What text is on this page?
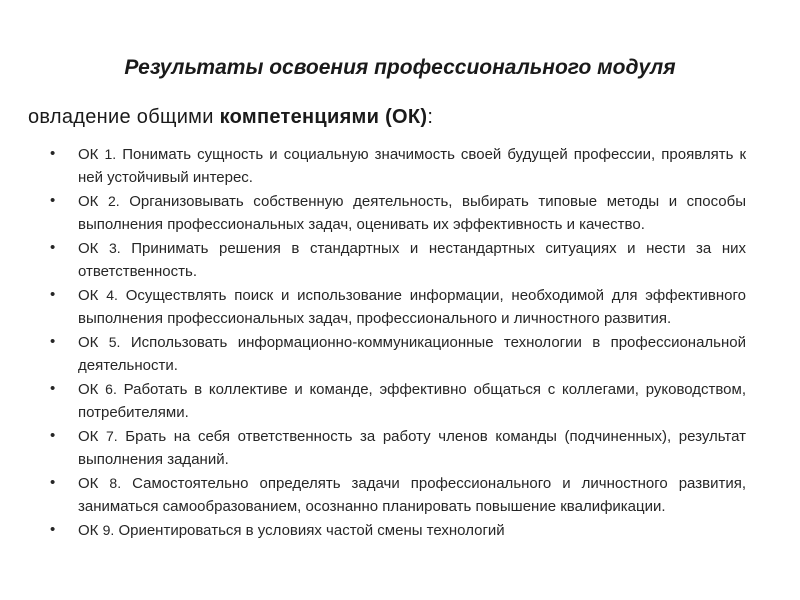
Результаты освоения профессионального модуля
овладение общими компетенциями (ОК):
• ОК 1. Понимать сущность и социальную значимость своей будущей профессии, проявлять к ней устойчивый интерес.
• ОК 2. Организовывать собственную деятельность, выбирать типовые методы и способы выполнения профессиональных задач, оценивать их эффективность и качество.
• ОК 3. Принимать решения в стандартных и нестандартных ситуациях и нести за них ответственность.
• ОК 4. Осуществлять поиск и использование информации, необходимой для эффективного выполнения профессиональных задач, профессионального и личностного развития.
• ОК 5. Использовать информационно-коммуникационные технологии в профессиональной деятельности.
• ОК 6. Работать в коллективе и команде, эффективно общаться с коллегами, руководством, потребителями.
• ОК 7. Брать на себя ответственность за работу членов команды (подчиненных), результат выполнения заданий.
• ОК 8. Самостоятельно определять задачи профессионального и личностного развития, заниматься самообразованием, осознанно планировать повышение квалификации.
• ОК 9. Ориентироваться в условиях частой смены технологий
